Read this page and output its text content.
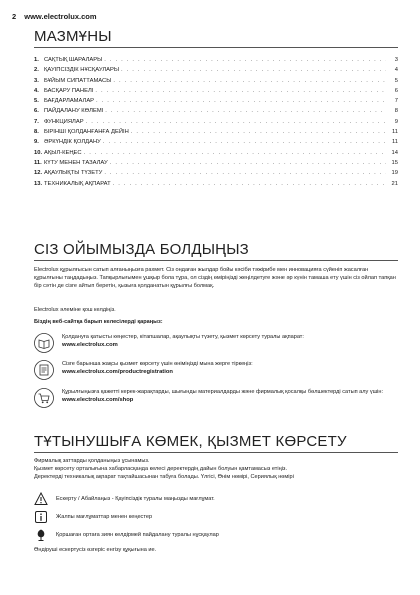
2 www.electrolux.com
МАЗМҰНЫ
1. САҚТЫҚ ШАРАЛАРЫ . . .	3
2. ҚАУІПСІЗДІК НҰСҚАУЛАРЫ . . .	4
3. БҰЙЫМ СИПАТТАМАСЫ . . .	5
4. БАСҚАРУ ПАНЕЛІ . . .	6
5. БАҒДАРЛАМАЛАР . . .	7
6. ПАЙДАЛАНУ КӨЛЕМІ . . .	8
7. ФУНКЦИЯЛАР . . .	9
8. БІРІНШІ ҚОЛДАНҒАНҒА ДЕЙІН . . .	11
9. ӘРКҮНДІК ҚОЛДАНУ . . .	11
10. АҚЫЛ-КЕҢЕС . . .	14
11. КҮТУ МЕНЕН ТАЗАЛАУ . . .	15
12. АҚАУЛЫҚТЫ ТҮЗЕТУ . . .	19
13. ТЕХНИКАЛЫҚ АҚПАРАТ . . .	21
СІЗ ОЙЫМЫЗДА БОЛДЫҢЫЗ
Electrolux құрылғысын сатып алғаныңызға рахмет. Сіз ондаған жылдар бойы кәсіби тәжірибе мен инновацияға сүйеніп жасалған құрылғыны таңдадыңыз. Тапқырлығымен ұшқыр бола тұра, ол сіздің өміріңізді жеңілдетуге және әр күнін тамаша ету үшін сіз ойлап тапқан бір сәтін де сізге айтып беретін, қызыға қолданатын құрылғы болмақ.
Electrolux әлеміне қош келдіңіз.
Біздің веб-сайтқа барып келесілерді қараңыз:
Қолдануға қатысты кеңестер, кітапшалар, ақаулықты түзету, қызмет көрсету туралы ақпарат:
www.electrolux.com
Сізге барынша жақсы қызмет көрсету үшін өніміңізді мына жерге тіркеңіз:
www.electrolux.com/productregistration
Құрылғыңызға қажетті керек-жарақтарды, шығынды материалдарды және фирмалық қосалқы бөлшектерді сатып алу үшін:
www.electrolux.com/shop
ТҰТЫНУШЫҒА КӨМЕК, ҚЫЗМЕТ КӨРСЕТУ
Фирмалық заттарды қолданыңыз ұсынамыз.
Қызмет көрсету орталығына хабарласқанда келесі деректердің дайын болуын қамтамасыз етіңіз.
Деректерді техникалық ақпарат тақтайшасынан табуға болады. Үлгісі, Өнім нөмірі, Сериялық нөмірі
Ескерту / Абайлаңыз - Қауіпсіздік туралы маңызды мағлұмат.
Жалпы мағлұматтар менен кеңестер
Қоршаған ортаға зиян келдірмей пайдалану туралы нұсқаулар
Өндіруші ескертусіз өзгеріс енгізу құқығына ие.
